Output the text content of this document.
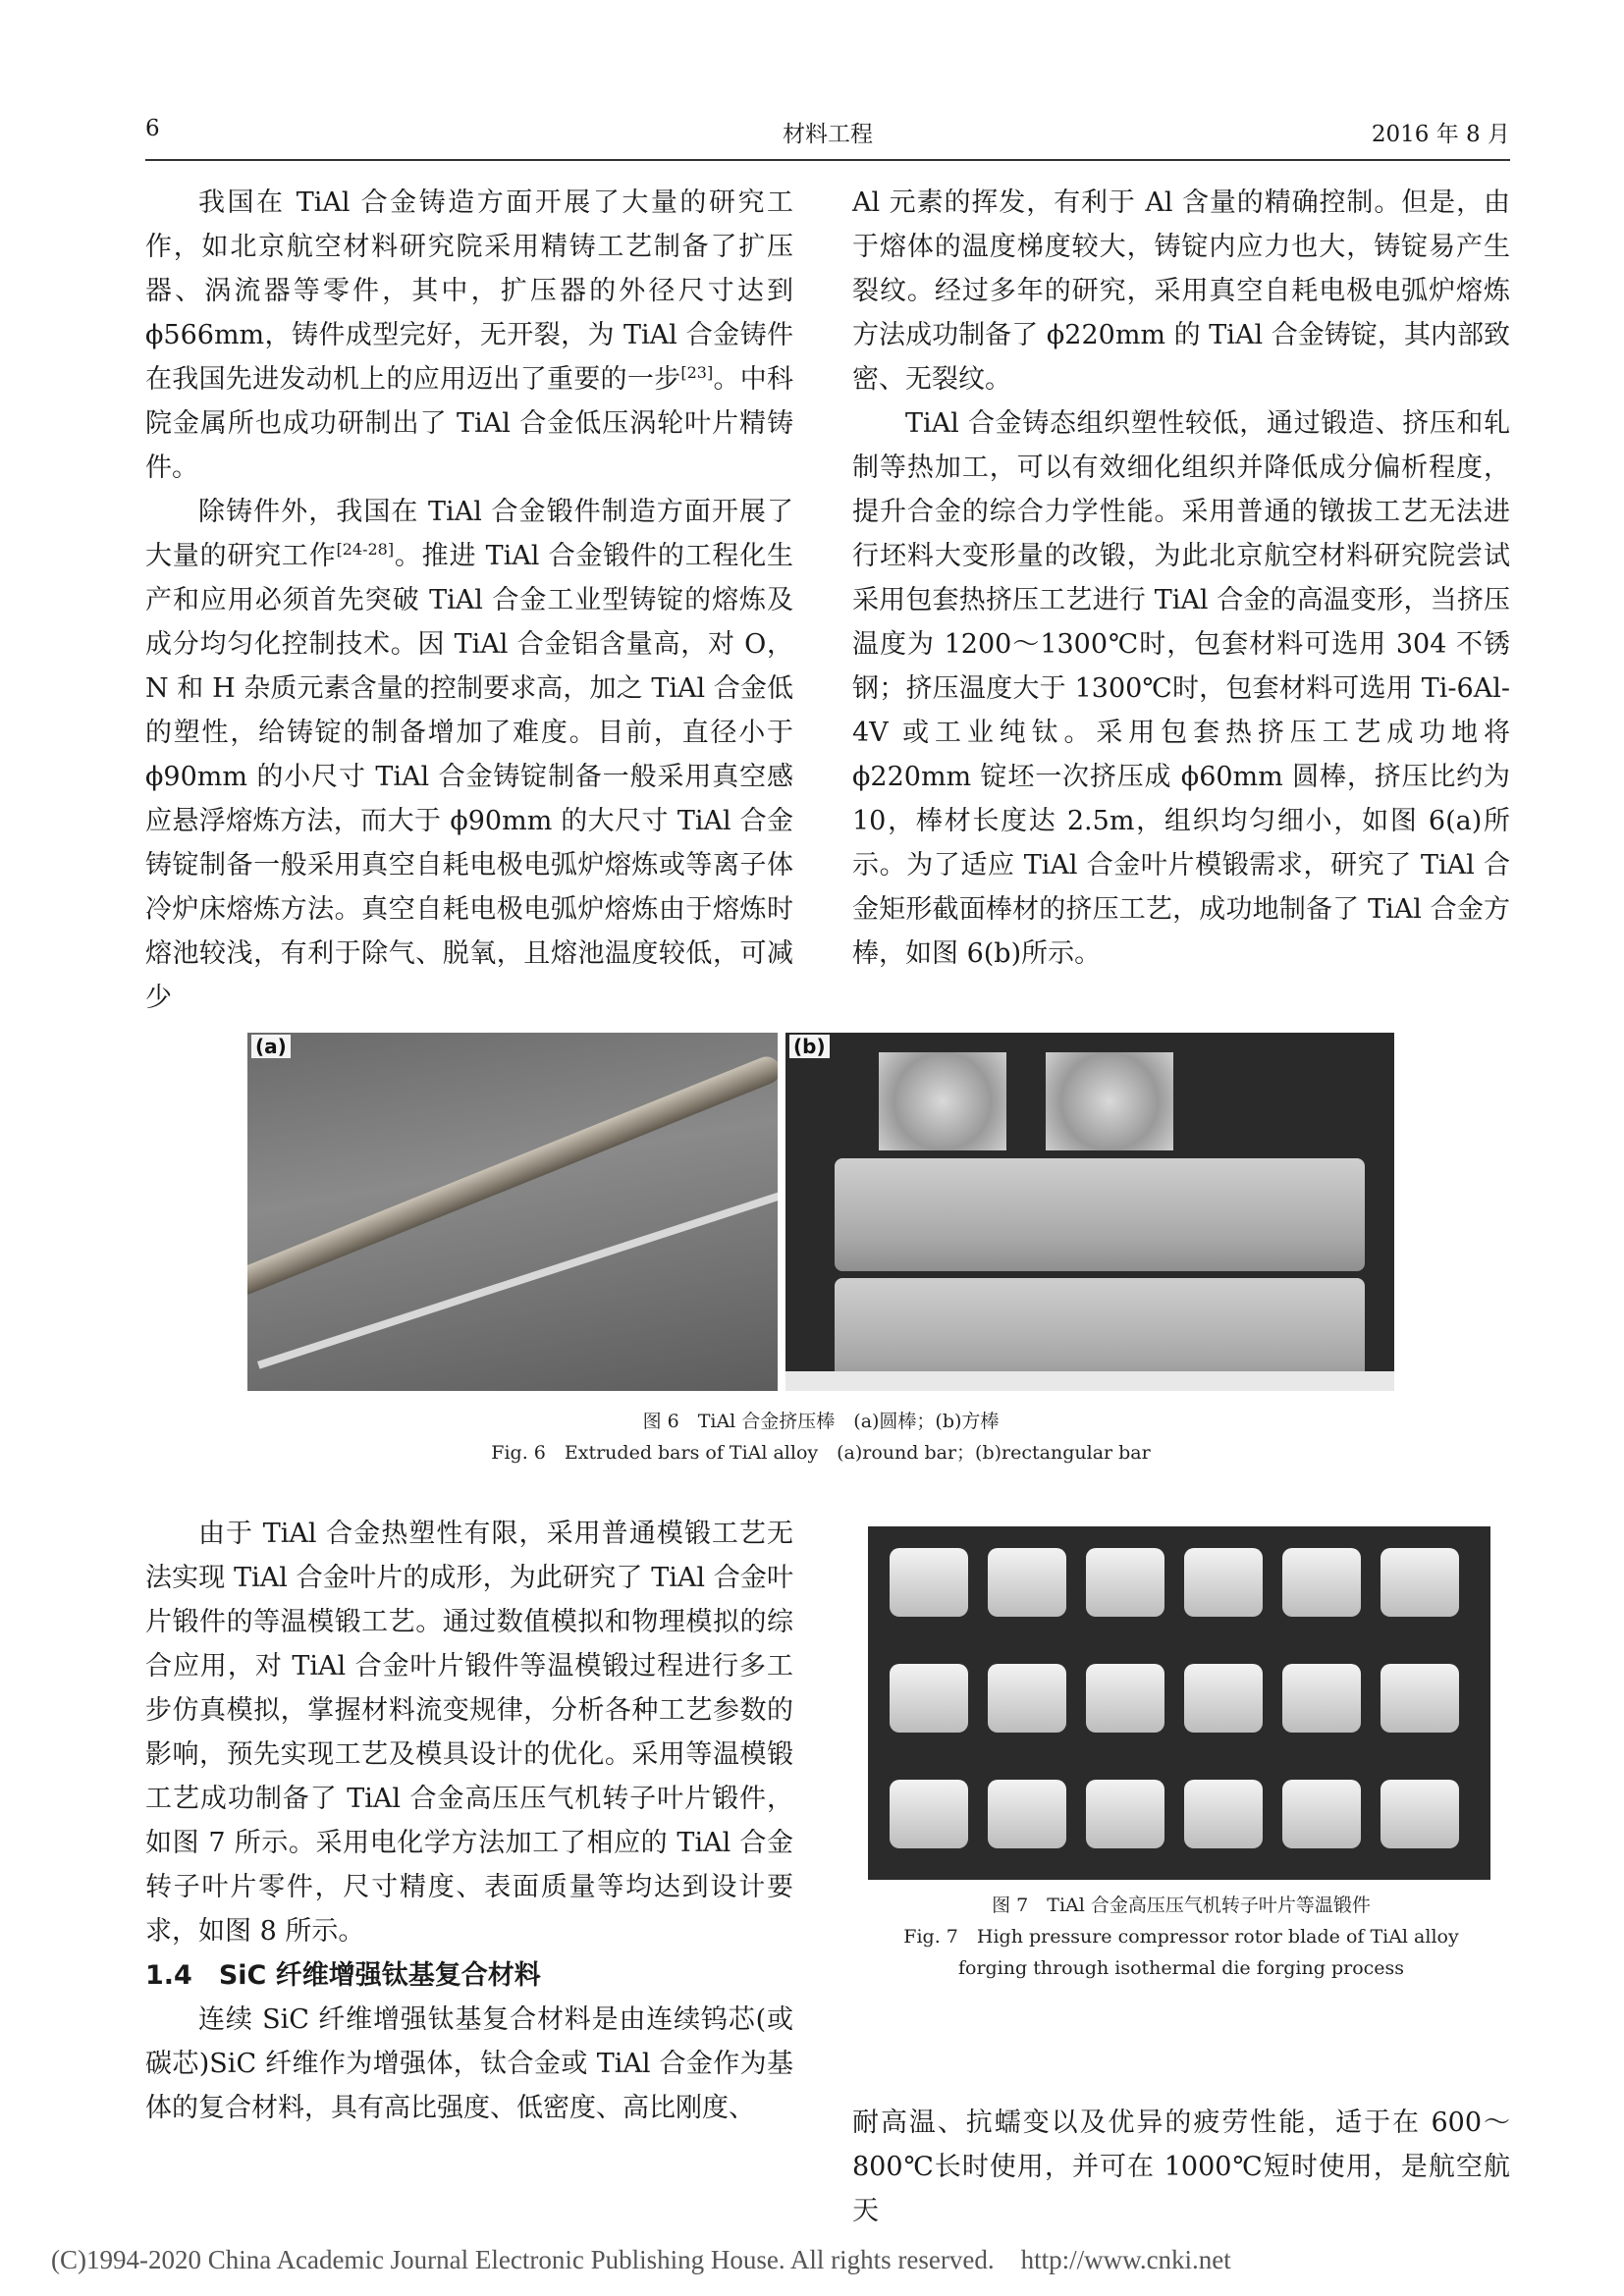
6	材料工程	2016 年 8 月

我国在 TiAl 合金铸造方面开展了大量的研究工作，如北京航空材料研究院采用精铸工艺制备了扩压器、涡流器等零件，其中，扩压器的外径尺寸达到 ϕ566mm，铸件成型完好，无开裂，为 TiAl 合金铸件在我国先进发动机上的应用迈出了重要的一步[23]。中科院金属所也成功研制出了 TiAl 合金低压涡轮叶片精铸件。

除铸件外，我国在 TiAl 合金锻件制造方面开展了大量的研究工作[24-28]。推进 TiAl 合金锻件的工程化生产和应用必须首先突破 TiAl 合金工业型铸锭的熔炼及成分均匀化控制技术。因 TiAl 合金铝含量高，对 O，N 和 H 杂质元素含量的控制要求高，加之 TiAl 合金低的塑性，给铸锭的制备增加了难度。目前，直径小于 ϕ90mm 的小尺寸 TiAl 合金铸锭制备一般采用真空感应悬浮熔炼方法，而大于 ϕ90mm 的大尺寸 TiAl 合金铸锭制备一般采用真空自耗电极电弧炉熔炼或等离子体冷炉床熔炼方法。真空自耗电极电弧炉熔炼由于熔炼时熔池较浅，有利于除气、脱氧，且熔池温度较低，可减少

Al 元素的挥发，有利于 Al 含量的精确控制。但是，由于熔体的温度梯度较大，铸锭内应力也大，铸锭易产生裂纹。经过多年的研究，采用真空自耗电极电弧炉熔炼方法成功制备了 ϕ220mm 的 TiAl 合金铸锭，其内部致密、无裂纹。

TiAl 合金铸态组织塑性较低，通过锻造、挤压和轧制等热加工，可以有效细化组织并降低成分偏析程度，提升合金的综合力学性能。采用普通的镦拔工艺无法进行坯料大变形量的改锻，为此北京航空材料研究院尝试采用包套热挤压工艺进行 TiAl 合金的高温变形，当挤压温度为 1200～1300℃时，包套材料可选用 304 不锈钢；挤压温度大于 1300℃时，包套材料可选用 Ti-6Al-4V 或工业纯钛。采用包套热挤压工艺成功地将 ϕ220mm 锭坯一次挤压成 ϕ60mm 圆棒，挤压比约为 10，棒材长度达 2.5m，组织均匀细小，如图 6(a)所示。为了适应 TiAl 合金叶片模锻需求，研究了 TiAl 合金矩形截面棒材的挤压工艺，成功地制备了 TiAl 合金方棒，如图 6(b)所示。

(a)	(b)
图 6　TiAl 合金挤压棒　(a)圆棒；(b)方棒
Fig. 6　Extruded bars of TiAl alloy　(a)round bar；(b)rectangular bar

由于 TiAl 合金热塑性有限，采用普通模锻工艺无法实现 TiAl 合金叶片的成形，为此研究了 TiAl 合金叶片锻件的等温模锻工艺。通过数值模拟和物理模拟的综合应用，对 TiAl 合金叶片锻件等温模锻过程进行多工步仿真模拟，掌握材料流变规律，分析各种工艺参数的影响，预先实现工艺及模具设计的优化。采用等温模锻工艺成功制备了 TiAl 合金高压压气机转子叶片锻件，如图 7 所示。采用电化学方法加工了相应的 TiAl 合金转子叶片零件，尺寸精度、表面质量等均达到设计要求，如图 8 所示。

1.4　SiC 纤维增强钛基复合材料

连续 SiC 纤维增强钛基复合材料是由连续钨芯(或碳芯)SiC 纤维作为增强体，钛合金或 TiAl 合金作为基体的复合材料，具有高比强度、低密度、高比刚度、

图 7　TiAl 合金高压压气机转子叶片等温锻件
Fig. 7　High pressure compressor rotor blade of TiAl alloy
forging through isothermal die forging process

耐高温、抗蠕变以及优异的疲劳性能，适于在 600～800℃长时使用，并可在 1000℃短时使用，是航空航天

(C)1994-2020 China Academic Journal Electronic Publishing House. All rights reserved.　http://www.cnki.net
